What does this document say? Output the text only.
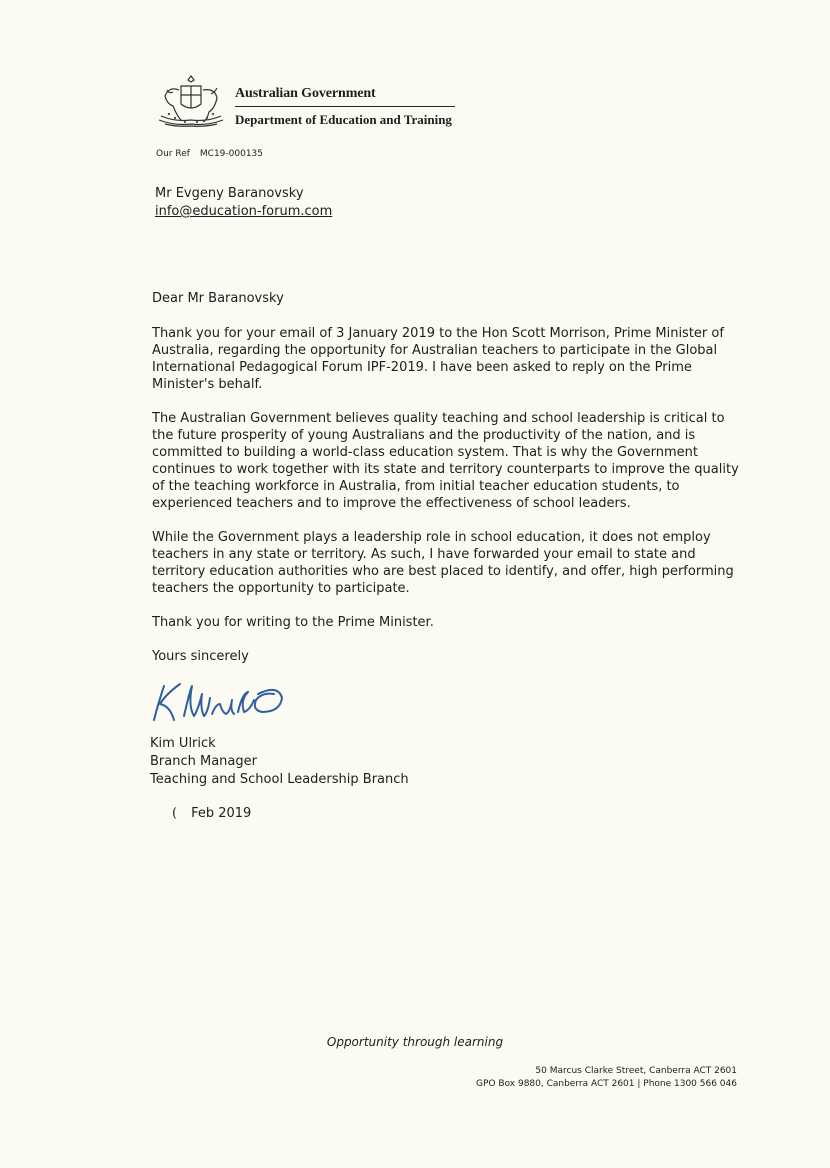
Australian Government
Department of Education and Training
Our Ref MC19-000135
Mr Evgeny Baranovsky
info@education-forum.com

Dear Mr Baranovsky

Thank you for your email of 3 January 2019 to the Hon Scott Morrison, Prime Minister of Australia, regarding the opportunity for Australian teachers to participate in the Global International Pedagogical Forum IPF-2019. I have been asked to reply on the Prime Minister's behalf.

The Australian Government believes quality teaching and school leadership is critical to the future prosperity of young Australians and the productivity of the nation, and is committed to building a world-class education system. That is why the Government continues to work together with its state and territory counterparts to improve the quality of the teaching workforce in Australia, from initial teacher education students, to experienced teachers and to improve the effectiveness of school leaders.

While the Government plays a leadership role in school education, it does not employ teachers in any state or territory. As such, I have forwarded your email to state and territory education authorities who are best placed to identify, and offer, high performing teachers the opportunity to participate.

Thank you for writing to the Prime Minister.

Yours sincerely

Kim Ulrick
Branch Manager
Teaching and School Leadership Branch
( Feb 2019
Opportunity through learning
50 Marcus Clarke Street, Canberra ACT 2601
GPO Box 9880, Canberra ACT 2601 | Phone 1300 566 046
